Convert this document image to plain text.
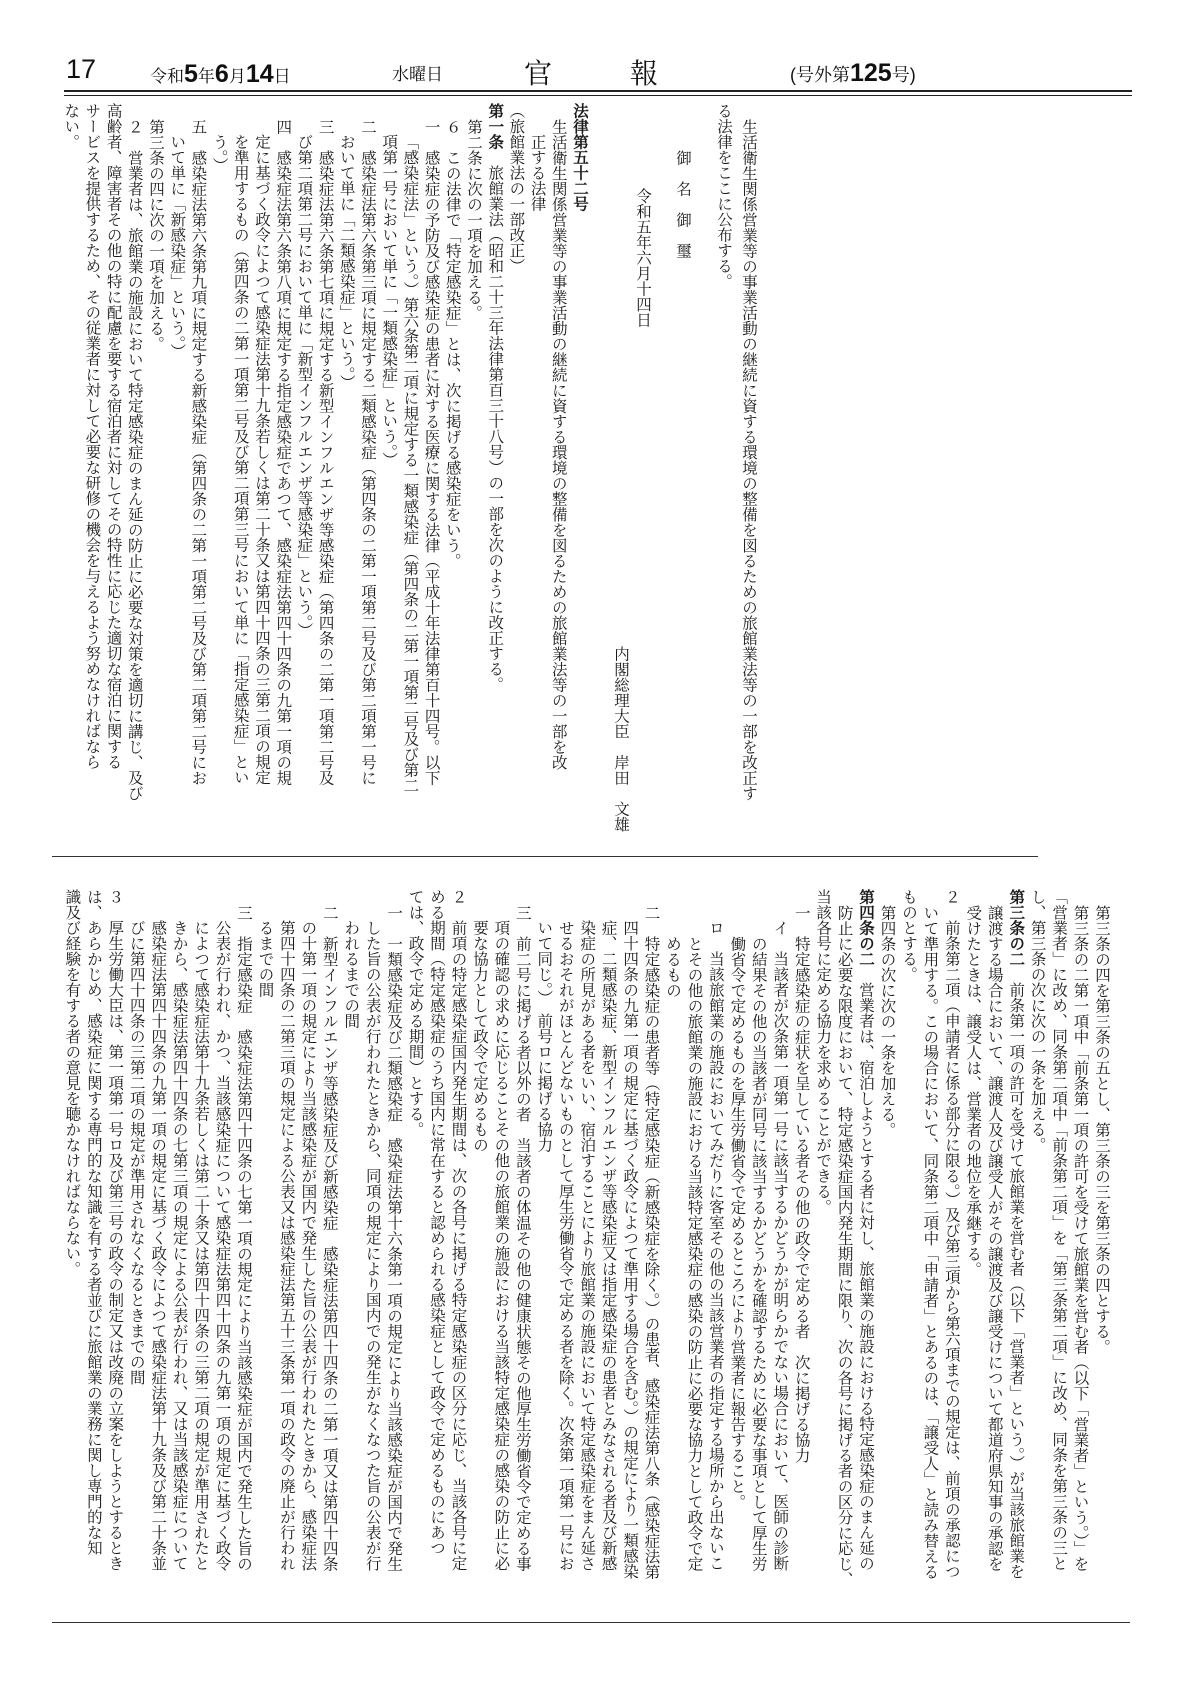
17	令和5年6月14日	水曜日	官	報	(号外第125号)
生活衛生関係営業等の事業活動の継続に資する環境の整備を図るための旅館業法等の一部を改正す
る法律をここに公布する。
御　名　御　璽
令和五年六月十四日
内閣総理大臣　岸田　文雄
法律第五十二号
生活衛生関係営業等の事業活動の継続に資する環境の整備を図るための旅館業法等の一部を改
正する法律
（旅館業法の一部改正）
第一条　旅館業法（昭和二十三年法律第百三十八号）の一部を次のように改正する。
第二条に次の一項を加える。
６　この法律で「特定感染症」とは、次に掲げる感染症をいう。
一　感染症の予防及び感染症の患者に対する医療に関する法律（平成十年法律第百十四号。以下
「感染症法」という。）第六条第二項に規定する一類感染症（第四条の二第一項第二号及び第二
項第一号において単に「一類感染症」という。）
二　感染症法第六条第三項に規定する二類感染症（第四条の二第一項第二号及び第二項第一号に
おいて単に「二類感染症」という。）
三　感染症法第六条第七項に規定する新型インフルエンザ等感染症（第四条の二第一項第二号及
び第二項第二号において単に「新型インフルエンザ等感染症」という。）
四　感染症法第六条第八項に規定する指定感染症であつて、感染症法第四十四条の九第一項の規
定に基づく政令によつて感染症法第十九条若しくは第二十条又は第四十四条の三第二項の規定
を準用するもの（第四条の二第一項第二号及び第二項第三号において単に「指定感染症」とい
う。）
五　感染症法第六条第九項に規定する新感染症（第四条の二第一項第二号及び第二項第二号にお
いて単に「新感染症」という。）
第三条の四に次の一項を加える。
２　営業者は、旅館業の施設において特定感染症のまん延の防止に必要な対策を適切に講じ、及び
高齢者、障害者その他の特に配慮を要する宿泊者に対してその特性に応じた適切な宿泊に関する
サービスを提供するため、その従業者に対して必要な研修の機会を与えるよう努めなければなら
ない。
第三条の四を第三条の五とし、第三条の三を第三条の四とする。
第三条の二第一項中「前条第一項の許可を受けて旅館業を営む者（以下「営業者」という。）」を
「営業者」に改め、同条第二項中「前条第二項」を「第三条第二項」に改め、同条を第三条の三と
し、第三条の次に次の一条を加える。
第三条の二　前条第一項の許可を受けて旅館業を営む者（以下「営業者」という。）が当該旅館業を
譲渡する場合において、譲渡人及び譲受人がその譲渡及び譲受けについて都道府県知事の承認を
受けたときは、譲受人は、営業者の地位を承継する。
２　前条第二項（申請者に係る部分に限る。）及び第三項から第六項までの規定は、前項の承認につ
いて準用する。この場合において、同条第二項中「申請者」とあるのは、「譲受人」と読み替える
ものとする。
第四条の次に次の一条を加える。
第四条の二　営業者は、宿泊しようとする者に対し、旅館業の施設における特定感染症のまん延の
防止に必要な限度において、特定感染症国内発生期間に限り、次の各号に掲げる者の区分に応じ、
当該各号に定める協力を求めることができる。
一　特定感染症の症状を呈している者その他の政令で定める者　次に掲げる協力
イ　当該者が次条第一項第一号に該当するかどうかが明らかでない場合において、医師の診断
の結果その他の当該者が同号に該当するかどうかを確認するために必要な事項として厚生労
働省令で定めるものを厚生労働省令で定めるところにより営業者に報告すること。
ロ　当該旅館業の施設においてみだりに客室その他の当該営業者の指定する場所から出ないこ
とその他の旅館業の施設における当該特定感染症の感染の防止に必要な協力として政令で定
めるもの
二　特定感染症の患者等（特定感染症（新感染症を除く。）の患者、感染症法第八条（感染症法第
四十四条の九第一項の規定に基づく政令によつて準用する場合を含む。）の規定により一類感染
症、二類感染症、新型インフルエンザ等感染症又は指定感染症の患者とみなされる者及び新感
染症の所見がある者をいい、宿泊することにより旅館業の施設において特定感染症をまん延さ
せるおそれがほとんどないものとして厚生労働省令で定める者を除く。次条第一項第一号にお
いて同じ。）　前号ロに掲げる協力
三　前二号に掲げる者以外の者　当該者の体温その他の健康状態その他厚生労働省令で定める事
項の確認の求めに応じることその他の旅館業の施設における当該特定感染症の感染の防止に必
要な協力として政令で定めるもの
２　前項の特定感染症国内発生期間は、次の各号に掲げる特定感染症の区分に応じ、当該各号に定
める期間（特定感染症のうち国内に常在すると認められる感染症として政令で定めるものにあつ
ては、政令で定める期間）とする。
一　一類感染症及び二類感染症　感染症法第十六条第一項の規定により当該感染症が国内で発生
した旨の公表が行われたときから、同項の規定により国内での発生がなくなつた旨の公表が行
われるまでの間
二　新型インフルエンザ等感染症及び新感染症　感染症法第四十四条の二第一項又は第四十四条
の十第一項の規定により当該感染症が国内で発生した旨の公表が行われたときから、感染症法
第四十四条の二第三項の規定による公表又は感染症法第五十三条第一項の政令の廃止が行われ
るまでの間
三　指定感染症　感染症法第四十四条の七第一項の規定により当該感染症が国内で発生した旨の
公表が行われ、かつ、当該感染症について感染症法第四十四条の九第一項の規定に基づく政令
によつて感染症法第十九条若しくは第二十条又は第四十四条の三第二項の規定が準用されたと
きから、感染症法第四十四条の七第三項の規定による公表が行われ、又は当該感染症について
感染症法第四十四条の九第一項の規定に基づく政令によつて感染症法第十九条及び第二十条並
びに第四十四条の三第二項の規定が準用されなくなるときまでの間
３　厚生労働大臣は、第一項第一号ロ及び第三号の政令の制定又は改廃の立案をしようとするとき
は、あらかじめ、感染症に関する専門的な知識を有する者並びに旅館業の業務に関し専門的な知
識及び経験を有する者の意見を聴かなければならない。
